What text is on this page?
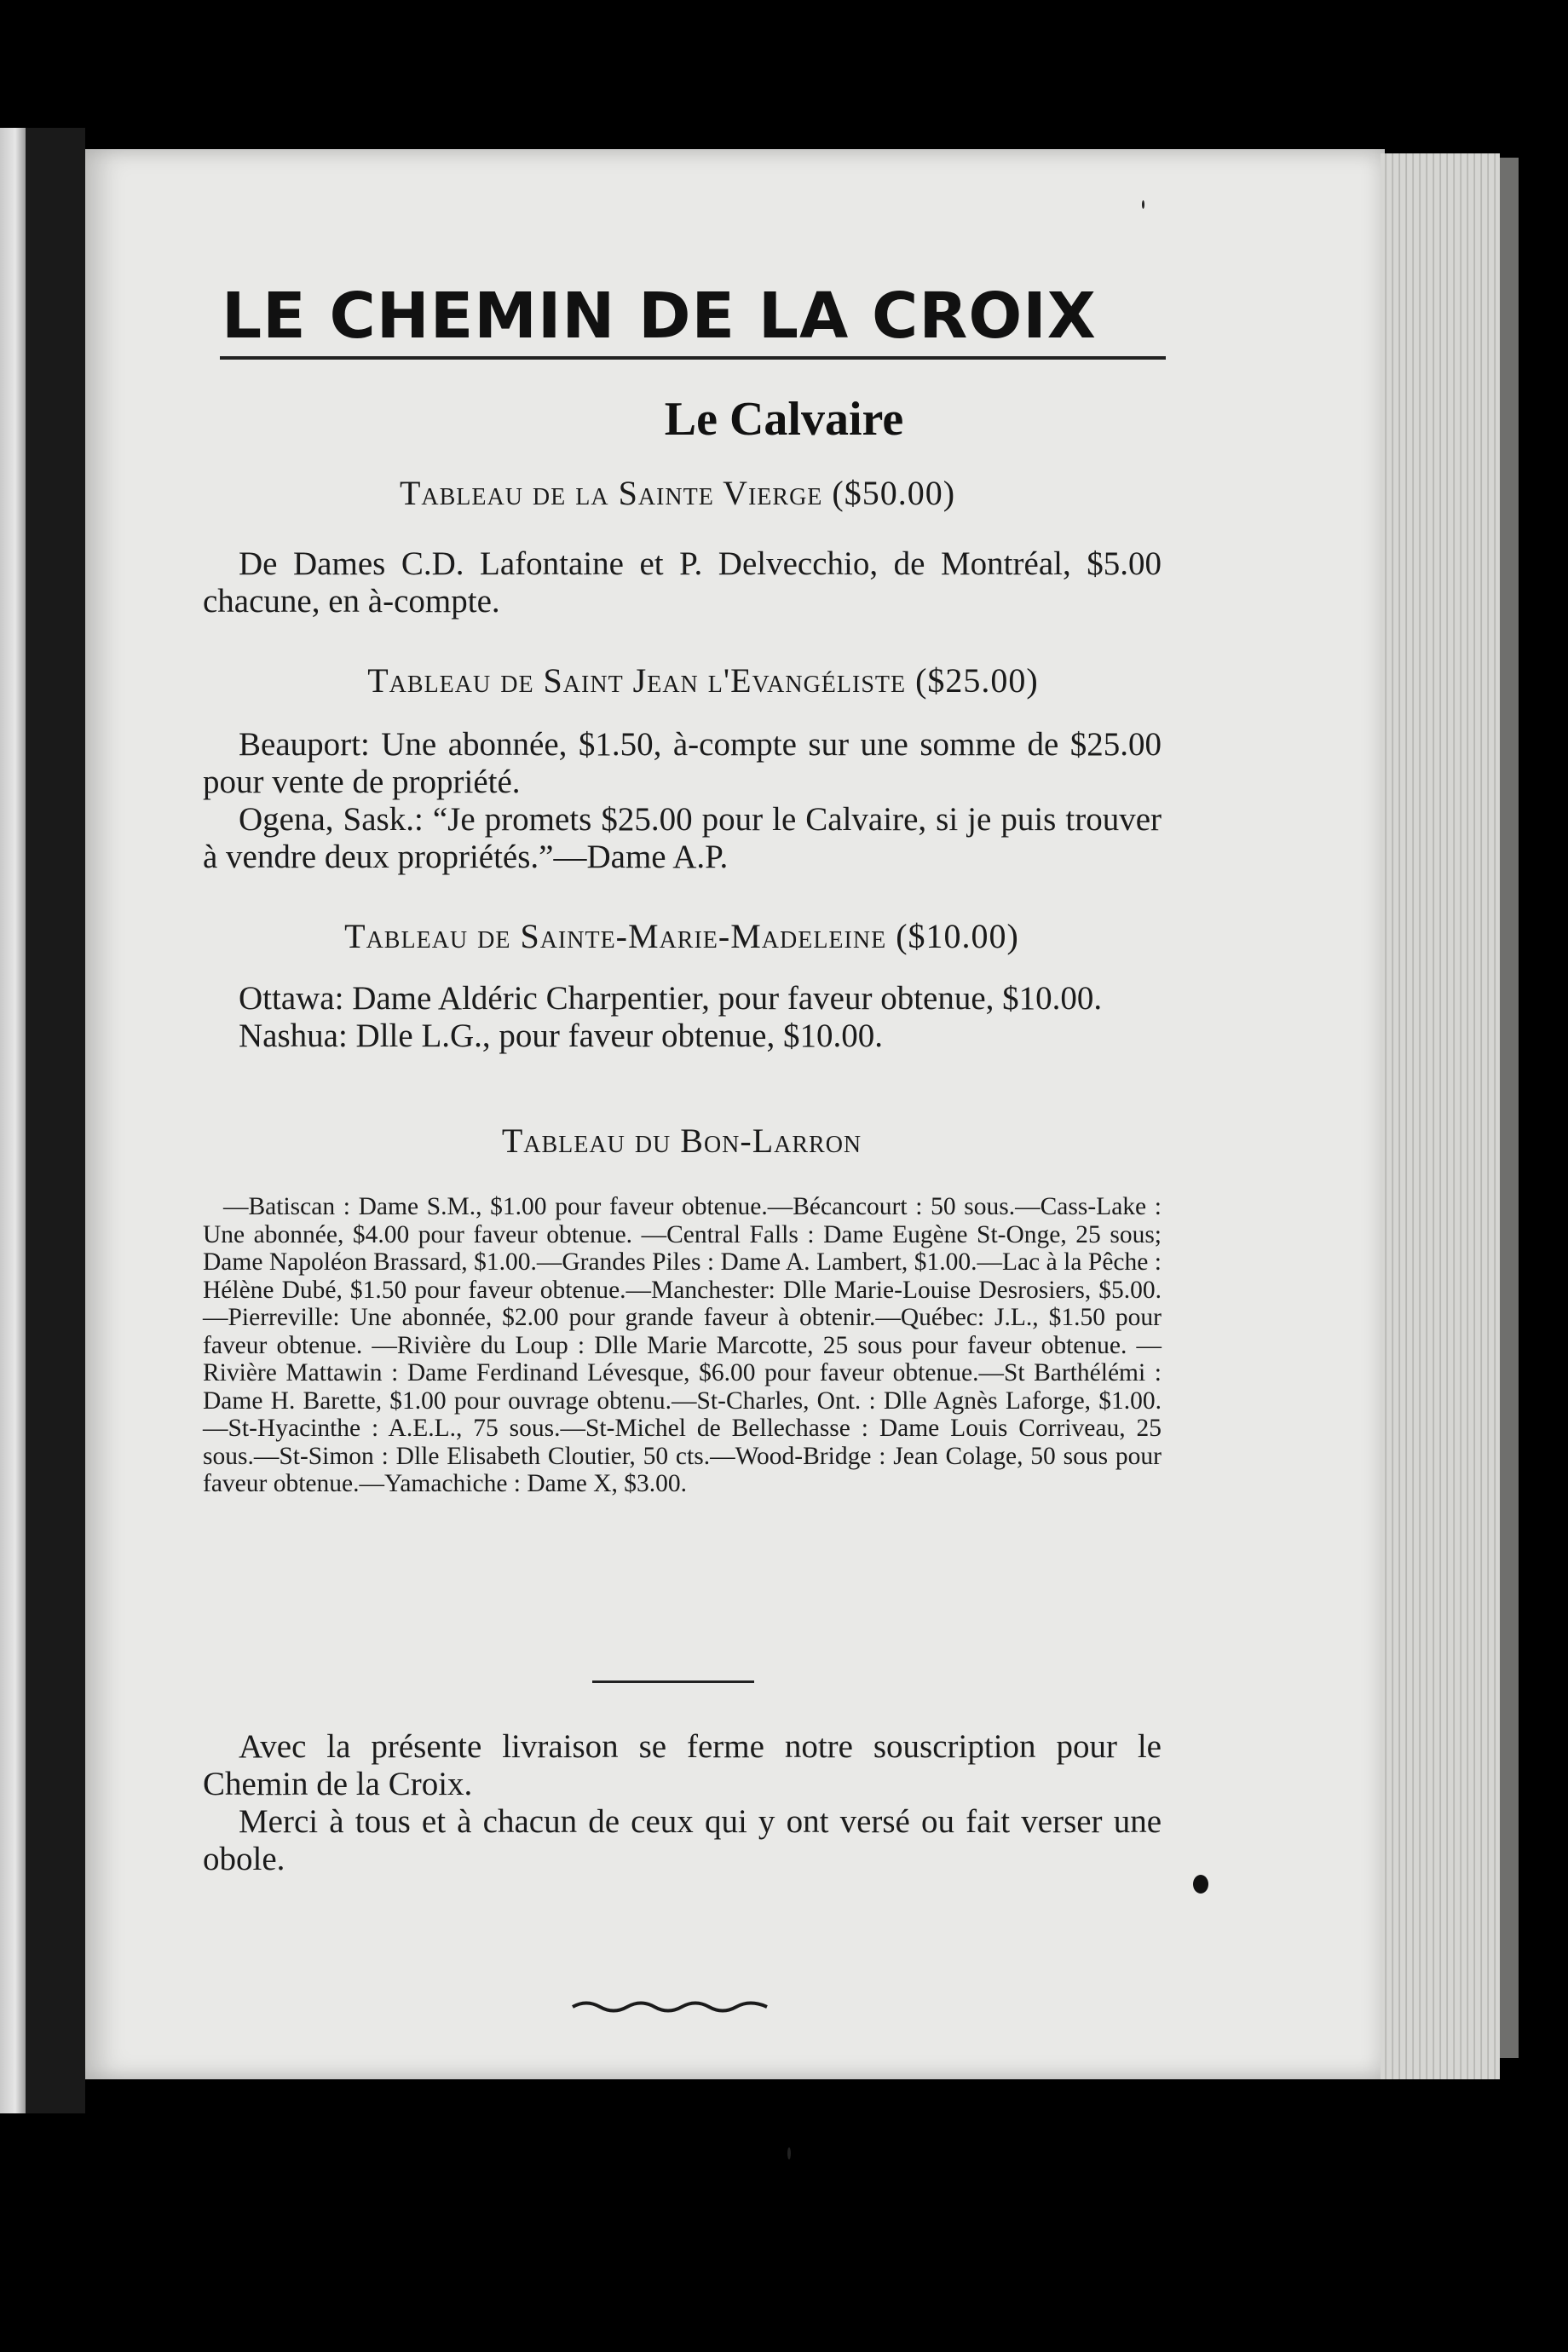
LE CHEMIN DE LA CROIX
Le Calvaire
Tableau de la Sainte Vierge ($50.00)

De Dames C.D. Lafontaine et P. Delvecchio, de Montréal, $5.00 chacune, en à-compte.

Tableau de Saint Jean l'Evangéliste ($25.00)

Beauport: Une abonnée, $1.50, à-compte sur une somme de $25.00 pour vente de propriété.

Ogena, Sask.: “Je promets $25.00 pour le Calvaire, si je puis trouver à vendre deux propriétés.”—Dame A.P.

Tableau de Sainte-Marie-Madeleine ($10.00)

Ottawa: Dame Aldéric Charpentier, pour faveur obtenue, $10.00.

Nashua: Dlle L.G., pour faveur obtenue, $10.00.

Tableau du Bon-Larron

—Batiscan : Dame S.M., $1.00 pour faveur obtenue.—Bécancourt : 50 sous.—Cass-Lake : Une abonnée, $4.00 pour faveur obtenue. —Central Falls : Dame Eugène St-Onge, 25 sous; Dame Napoléon Brassard, $1.00.—Grandes Piles : Dame A. Lambert, $1.00.—Lac à la Pêche : Hélène Dubé, $1.50 pour faveur obtenue.—Manchester: Dlle Marie-Louise Desrosiers, $5.00.—Pierreville: Une abonnée, $2.00 pour grande faveur à obtenir.—Québec: J.L., $1.50 pour faveur obtenue. —Rivière du Loup : Dlle Marie Marcotte, 25 sous pour faveur obtenue. —Rivière Mattawin : Dame Ferdinand Lévesque, $6.00 pour faveur obtenue.—St Barthélémi : Dame H. Barette, $1.00 pour ouvrage obtenu.—St-Charles, Ont. : Dlle Agnès Laforge, $1.00.—St-Hyacinthe : A.E.L., 75 sous.—St-Michel de Bellechasse : Dame Louis Corriveau, 25 sous.—St-Simon : Dlle Elisabeth Cloutier, 50 cts.—Wood-Bridge : Jean Colage, 50 sous pour faveur obtenue.—Yamachiche : Dame X, $3.00.

Avec la présente livraison se ferme notre souscription pour le Chemin de la Croix.

Merci à tous et à chacun de ceux qui y ont versé ou fait verser une obole.
